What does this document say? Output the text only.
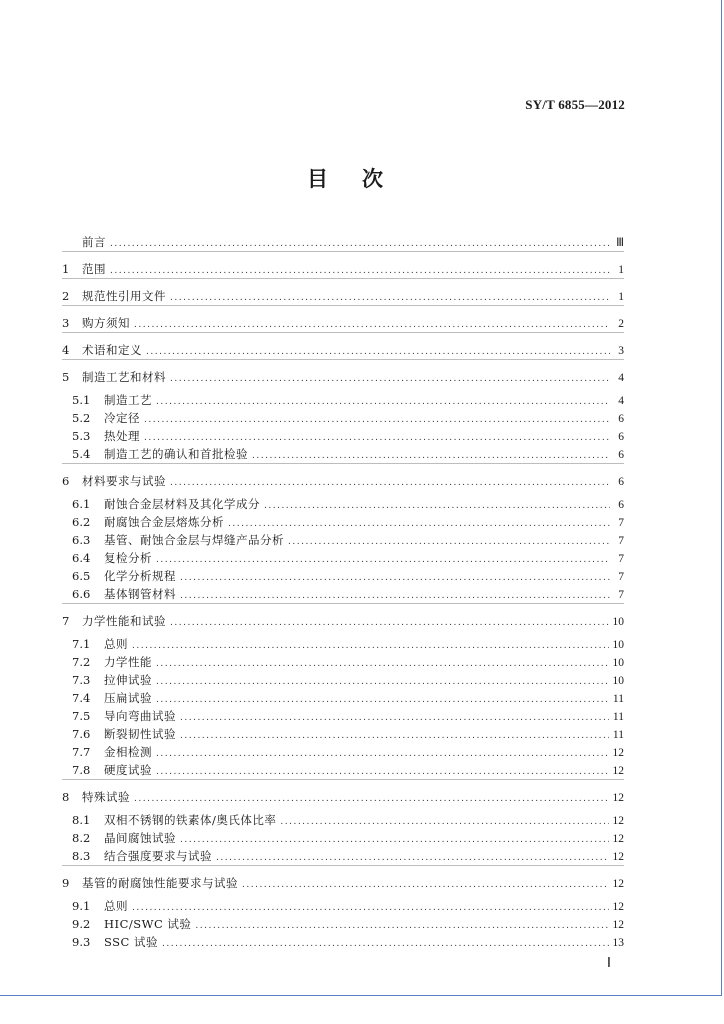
SY/T 6855—2012
目次
前言 .....	Ⅲ
1	范围 .....	1
2	规范性引用文件 .....	1
3	购方须知 .....	2
4	术语和定义 .....	3
5	制造工艺和材料 .....	4
5.1	制造工艺 .....	4
5.2	冷定径 .....	6
5.3	热处理 .....	6
5.4	制造工艺的确认和首批检验 .....	6
6	材料要求与试验 .....	6
6.1	耐蚀合金层材料及其化学成分 .....	6
6.2	耐腐蚀合金层熔炼分析 .....	7
6.3	基管、耐蚀合金层与焊缝产品分析 .....	7
6.4	复检分析 .....	7
6.5	化学分析规程 .....	7
6.6	基体钢管材料 .....	7
7	力学性能和试验 .....	10
7.1	总则 .....	10
7.2	力学性能 .....	10
7.3	拉伸试验 .....	10
7.4	压扁试验 .....	11
7.5	导向弯曲试验 .....	11
7.6	断裂韧性试验 .....	11
7.7	金相检测 .....	12
7.8	硬度试验 .....	12
8	特殊试验 .....	12
8.1	双相不锈钢的铁素体/奥氏体比率 .....	12
8.2	晶间腐蚀试验 .....	12
8.3	结合强度要求与试验 .....	12
9	基管的耐腐蚀性能要求与试验 .....	12
9.1	总则 .....	12
9.2	HIC/SWC 试验 .....	12
9.3	SSC 试验 .....	13
Ⅰ
